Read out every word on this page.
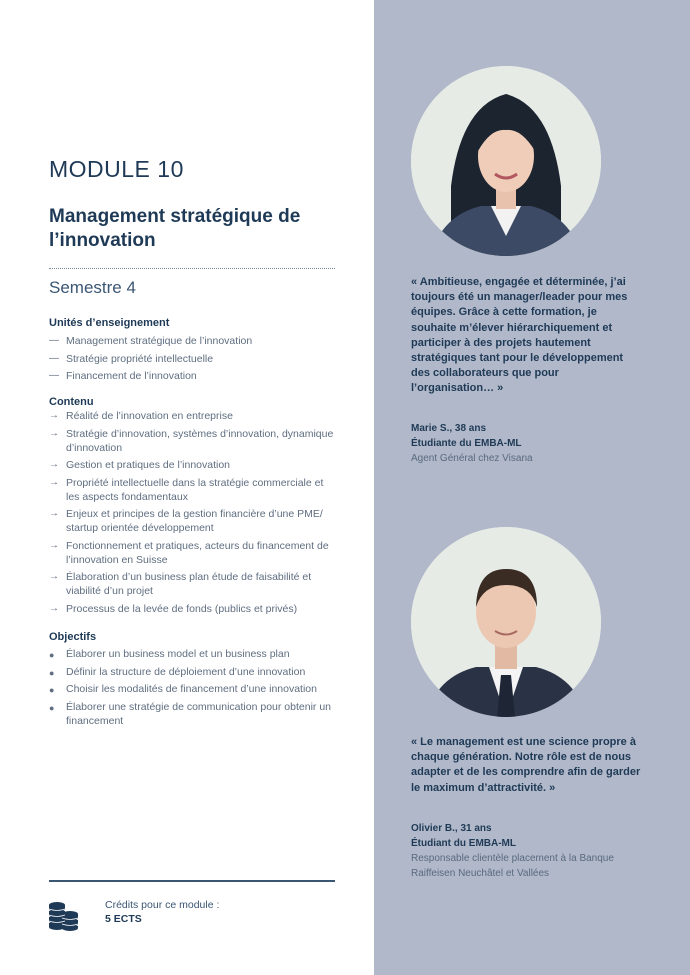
MODULE 10
Management stratégique de l’innovation
Semestre 4
Unités d’enseignement
— Management stratégique de l’innovation
— Stratégie propriété intellectuelle
— Financement de l’innovation
Contenu
→ Réalité de l’innovation en entreprise
→ Stratégie d’innovation, systèmes d’innovation, dynamique d’innovation
→ Gestion et pratiques de l’innovation
→ Propriété intellectuelle dans la stratégie commerciale et les aspects fondamentaux
→ Enjeux et principes de la gestion financière d’une PME/ startup orientée développement
→ Fonctionnement et pratiques, acteurs du financement de l’innovation en Suisse
→ Élaboration d’un business plan étude de faisabilité et viabilité d’un projet
→ Processus de la levée de fonds (publics et privés)
Objectifs
●	Élaborer un business model et un business plan
●	Définir la structure de déploiement d’une innovation
●	Choisir les modalités de financement d’une innovation
●	Élaborer une stratégie de communication pour obtenir un financement
Crédits pour ce module :
5 ECTS
« Ambitieuse, engagée et déterminée, j’ai toujours été un manager/leader pour mes équipes. Grâce à cette formation, je souhaite m’élever hiérarchiquement et participer à des projets hautement stratégiques tant pour le développement des collaborateurs que pour l’organisation… »
Marie S., 38 ans
Étudiante du EMBA-ML
Agent Général chez Visana
« Le management est une science propre à chaque génération. Notre rôle est de nous adapter et de les comprendre afin de garder le maximum d’attractivité. »
Olivier B., 31 ans
Étudiant du EMBA-ML
Responsable clientèle placement à la Banque Raiffeisen Neuchâtel et Vallées
